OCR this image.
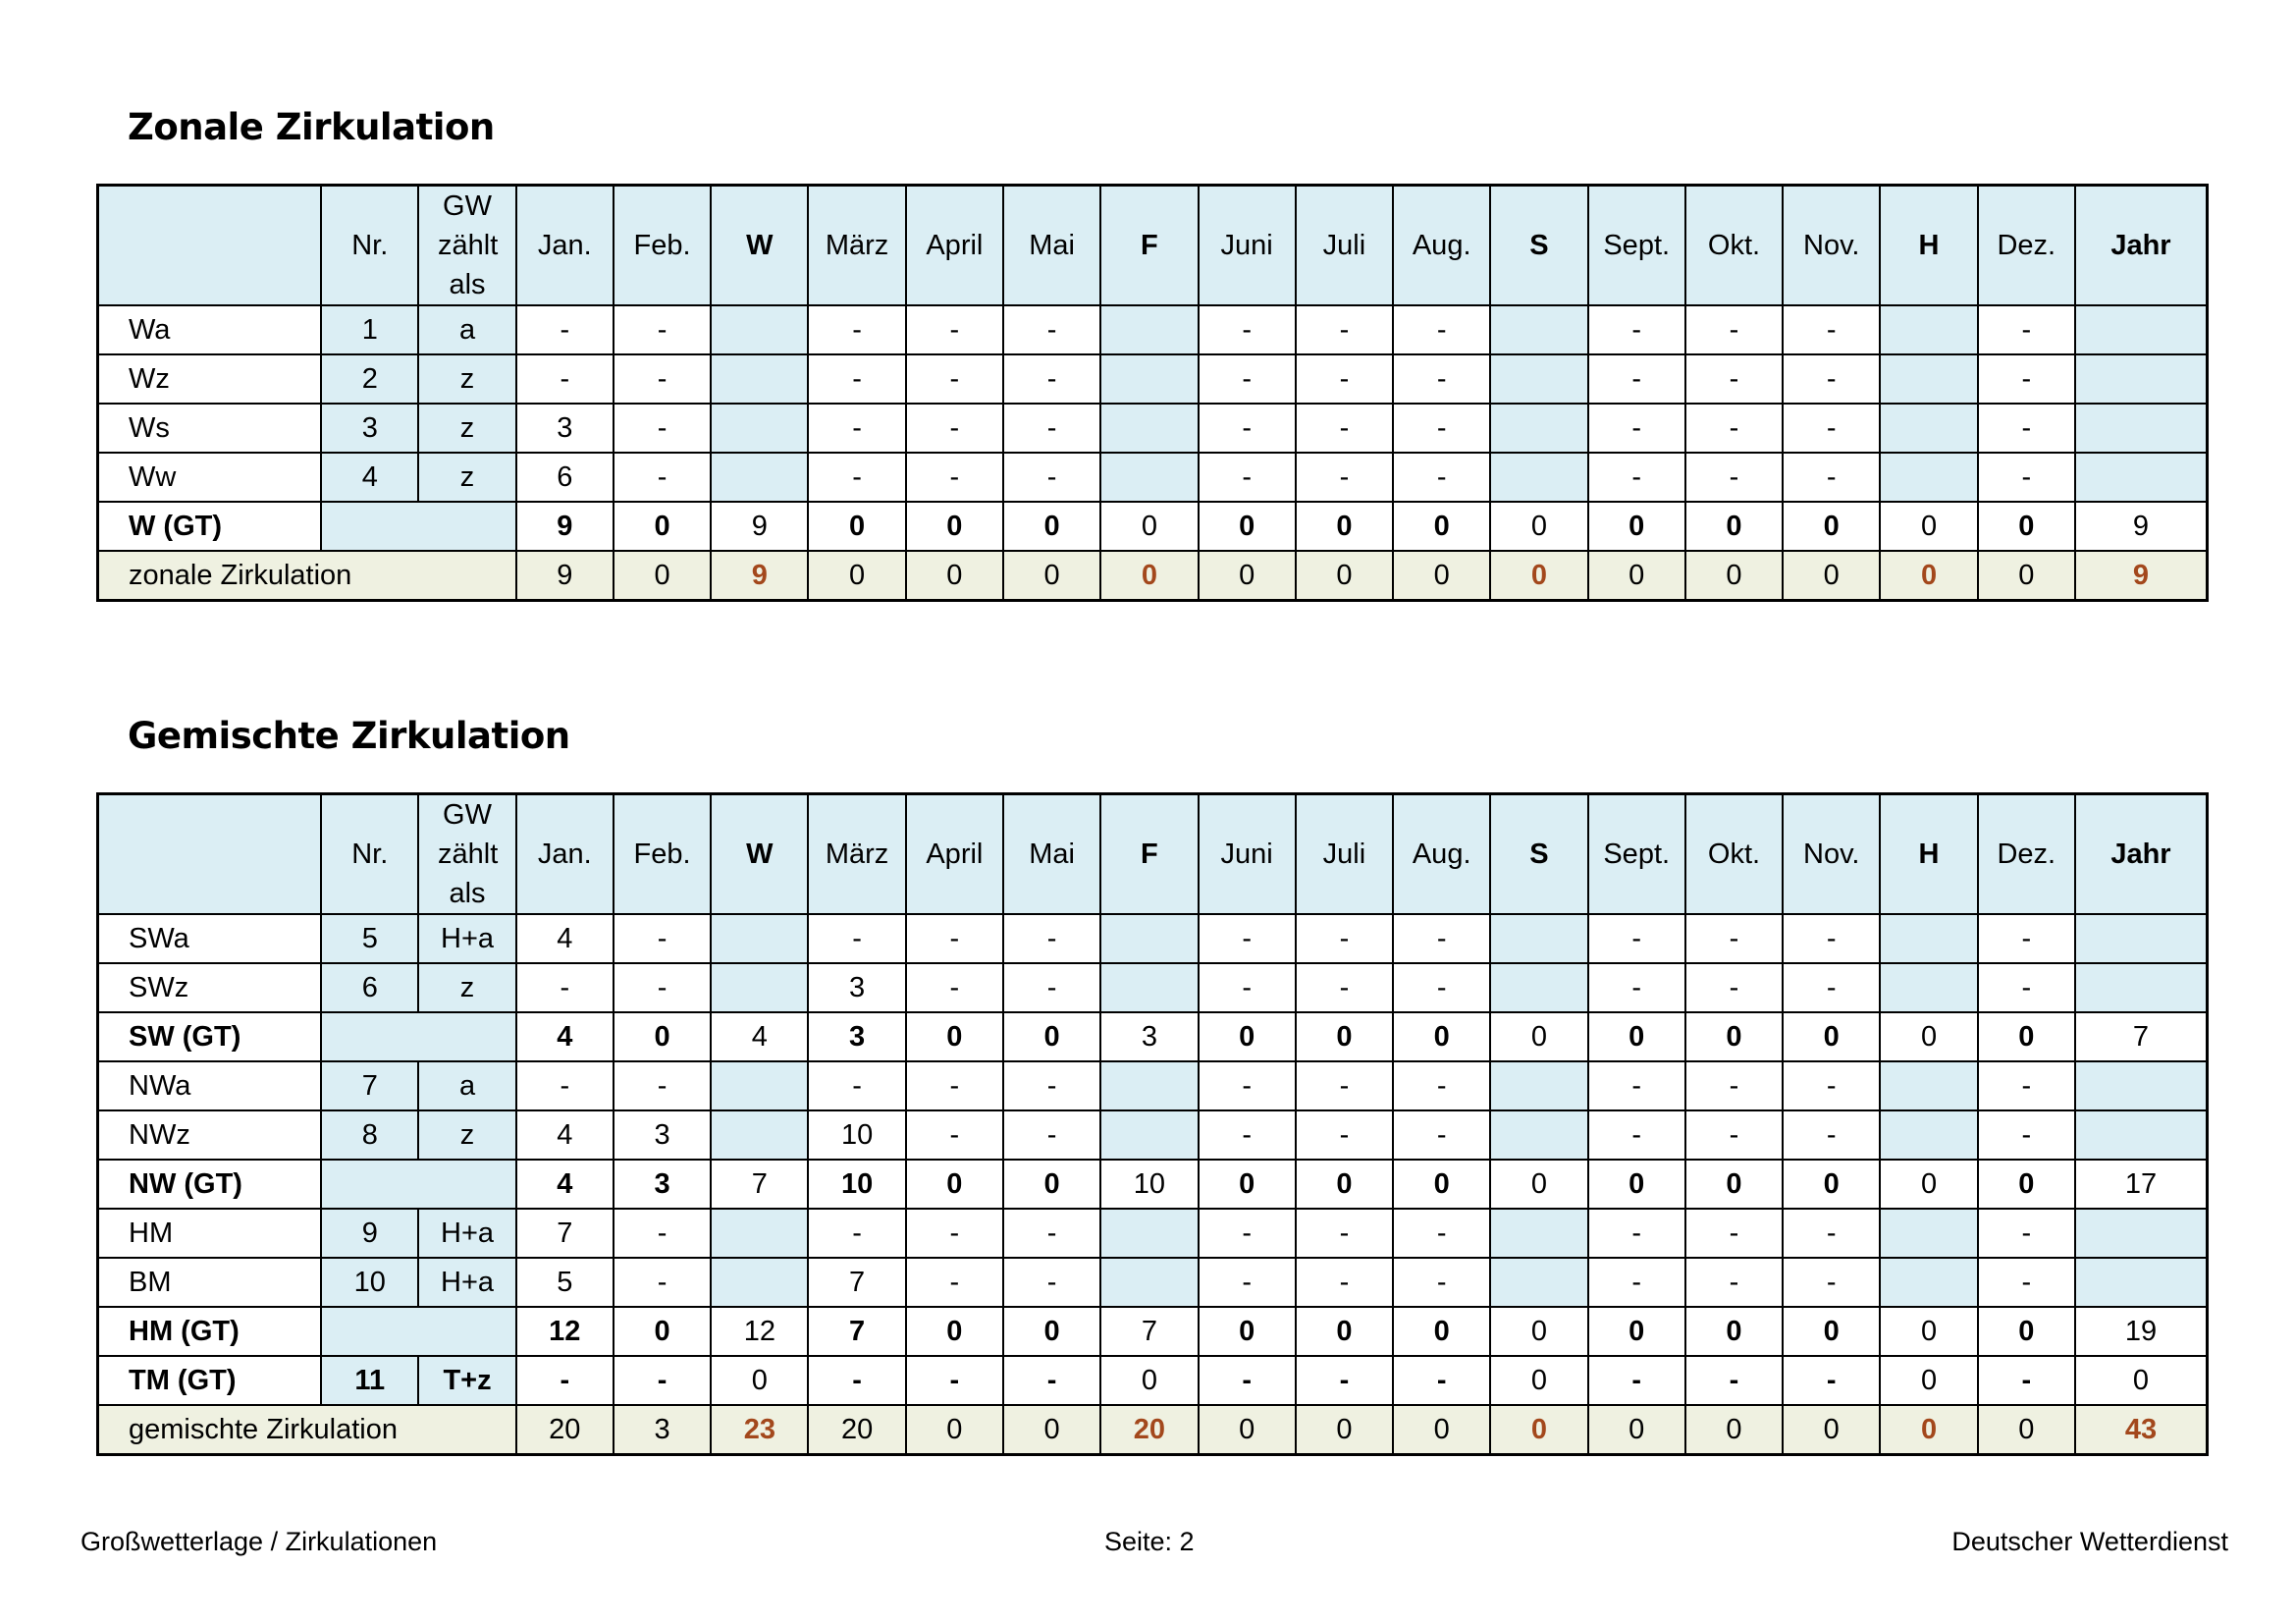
Zonale Zirkulation
	Nr.	GW zählt als	Jan.	Feb.	W	März	April	Mai	F	Juni	Juli	Aug.	S	Sept.	Okt.	Nov.	H	Dez.	Jahr
Wa	1	a	-	-		-	-	-		-	-	-		-	-	-		-	
Wz	2	z	-	-		-	-	-		-	-	-		-	-	-		-	
Ws	3	z	3	-		-	-	-		-	-	-		-	-	-		-	
Ww	4	z	6	-		-	-	-		-	-	-		-	-	-		-	
W (GT)			9	0	9	0	0	0	0	0	0	0	0	0	0	0	0	0	9
zonale Zirkulation			9	0	9	0	0	0	0	0	0	0	0	0	0	0	0	0	9
Gemischte Zirkulation
	Nr.	GW zählt als	Jan.	Feb.	W	März	April	Mai	F	Juni	Juli	Aug.	S	Sept.	Okt.	Nov.	H	Dez.	Jahr
SWa	5	H+a	4	-		-	-	-		-	-	-		-	-	-		-	
SWz	6	z	-	-		3	-	-		-	-	-		-	-	-		-	
SW (GT)			4	0	4	3	0	0	3	0	0	0	0	0	0	0	0	0	7
NWa	7	a	-	-		-	-	-		-	-	-		-	-	-		-	
NWz	8	z	4	3		10	-	-		-	-	-		-	-	-		-	
NW (GT)			4	3	7	10	0	0	10	0	0	0	0	0	0	0	0	0	17
HM	9	H+a	7	-		-	-	-		-	-	-		-	-	-		-	
BM	10	H+a	5	-		7	-	-		-	-	-		-	-	-		-	
HM (GT)			12	0	12	7	0	0	7	0	0	0	0	0	0	0	0	0	19
TM (GT)	11	T+z	-	-	0	-	-	-	0	-	-	-	0	-	-	-	0	-	0
gemischte Zirkulation			20	3	23	20	0	0	20	0	0	0	0	0	0	0	0	0	43
Großwetterlage / Zirkulationen	Seite: 2	Deutscher Wetterdienst
